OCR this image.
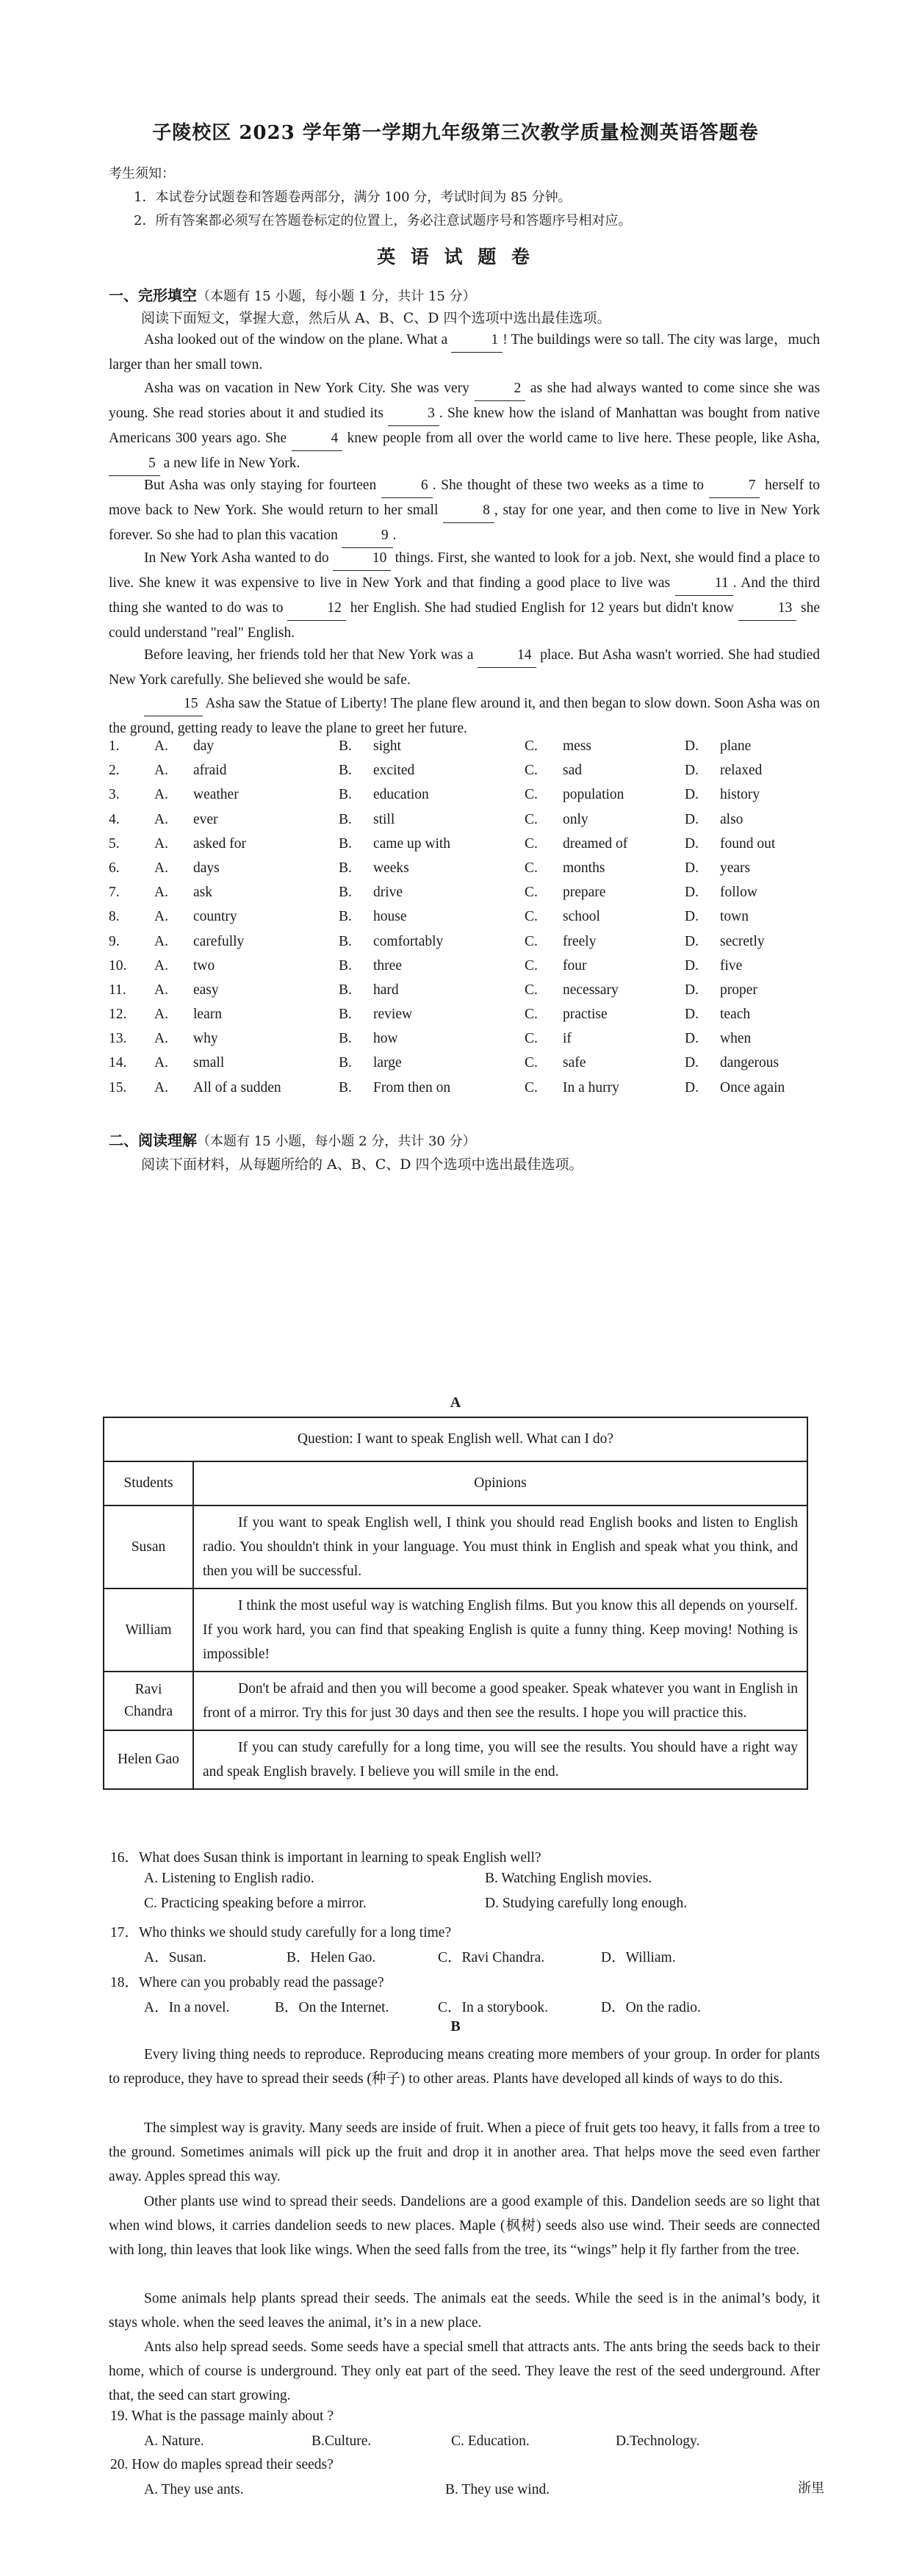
子陵校区 2023 学年第一学期九年级第三次教学质量检测英语答题卷
考生须知：
1．本试卷分试题卷和答题卷两部分，满分 100 分，考试时间为 85 分钟。
2．所有答案都必须写在答题卷标定的位置上，务必注意试题序号和答题序号相对应。
英 语 试 题 卷
一、完形填空（本题有 15 小题，每小题 1 分，共计 15 分）
阅读下面短文，掌握大意，然后从 A、B、C、D 四个选项中选出最佳选项。
Asha looked out of the window on the plane. What a	1 ! The buildings were so tall. The city was large，much larger than her small town.
Asha was on vacation in New York City. She was very	2 as she had always wanted to come since she was young. She read stories about it and studied its	3 . She knew how the island of Manhattan was bought from native Americans 300 years ago. She	4 knew people from all over the world came to live here. These people, like Asha, 5 a new life in New York.
But Asha was only staying for fourteen	6 . She thought of these two weeks as a time to	7 herself to move back to New York. She would return to her small	8 , stay for one year, and then come to live in New York forever. So she had to plan this vacation	9 .
In New York Asha wanted to do	10 things. First, she wanted to look for a job. Next, she would find a place to live. She knew it was expensive to live in New York and that finding a good place to live was	11 . And the third thing she wanted to do was to	12 her English. She had studied English for 12 years but didn't know	13 she could understand "real" English.
Before leaving, her friends told her that New York was a	14 place. But Asha wasn't worried. She had studied New York carefully. She believed she would be safe.
15 Asha saw the Statue of Liberty! The plane flew around it, and then began to slow down. Soon Asha was on the ground, getting ready to leave the plane to greet her future.
1. A. day	B. sight	C. mess	D. plane
2. A. afraid	B. excited	C. sad	D. relaxed
3. A. weather	B. education	C. population	D. history
4. A. ever	B. still	C. only	D. also
5. A. asked for	B. came up with	C. dreamed of	D. found out
6. A. days	B. weeks	C. months	D. years
7. A. ask	B. drive	C. prepare	D. follow
8. A. country	B. house	C. school	D. town
9. A. carefully	B. comfortably	C. freely	D. secretly
10. A. two	B. three	C. four	D. five
11. A. easy	B. hard	C. necessary	D. proper
12. A. learn	B. review	C. practise	D. teach
13. A. why	B. how	C. if	D. when
14. A. small	B. large	C. safe	D. dangerous
15. A. All of a sudden	B. From then on	C. In a hurry	D. Once again
二、阅读理解（本题有 15 小题，每小题 2 分，共计 30 分）
阅读下面材料，从每题所给的 A、B、C、D 四个选项中选出最佳选项。
A
Question: I want to speak English well. What can I do?	
Students	Opinions
Susan	If you want to speak English well, I think you should read English books and listen to English radio. You shouldn't think in your language. You must think in English and speak what you think, and then you will be successful.
William	I think the most useful way is watching English films. But you know this all depends on yourself. If you work hard, you can find that speaking English is quite a funny thing. Keep moving! Nothing is impossible!
Ravi Chandra	Don't be afraid and then you will become a good speaker. Speak whatever you want in English in front of a mirror. Try this for just 30 days and then see the results. I hope you will practice this.
Helen Gao	If you can study carefully for a long time, you will see the results. You should have a right way and speak English bravely. I believe you will smile in the end.
16．What does Susan think is important in learning to speak English well?
A. Listening to English radio.	B. Watching English movies.
C. Practicing speaking before a mirror.	D. Studying carefully long enough.
17．Who thinks we should study carefully for a long time?
A．Susan.	B．Helen Gao.	C．Ravi Chandra.	D．William.
18．Where can you probably read the passage?
A．In a novel.	B．On the Internet.	C．In a storybook.	D．On the radio.
B
Every living thing needs to reproduce. Reproducing means creating more members of your group. In order for plants to reproduce, they have to spread their seeds (种子) to other areas. Plants have developed all kinds of ways to do this.
The simplest way is gravity. Many seeds are inside of fruit. When a piece of fruit gets too heavy, it falls from a tree to the ground. Sometimes animals will pick up the fruit and drop it in another area. That helps move the seed even farther away. Apples spread this way.
Other plants use wind to spread their seeds. Dandelions are a good example of this. Dandelion seeds are so light that when wind blows, it carries dandelion seeds to new places. Maple (枫树) seeds also use wind. Their seeds are connected with long, thin leaves that look like wings. When the seed falls from the tree, its “wings” help it fly farther from the tree.
Some animals help plants spread their seeds. The animals eat the seeds. While the seed is in the animal’s body, it stays whole. when the seed leaves the animal, it’s in a new place.
Ants also help spread seeds. Some seeds have a special smell that attracts ants. The ants bring the seeds back to their home, which of course is underground. They only eat part of the seed. They leave the rest of the seed underground. After that, the seed can start growing.
19. What is the passage mainly about ?
A. Nature.	B.Culture.	C. Education.	D.Technology.
20. How do maples spread their seeds?
A. They use ants.	B. They use wind.	浙里
